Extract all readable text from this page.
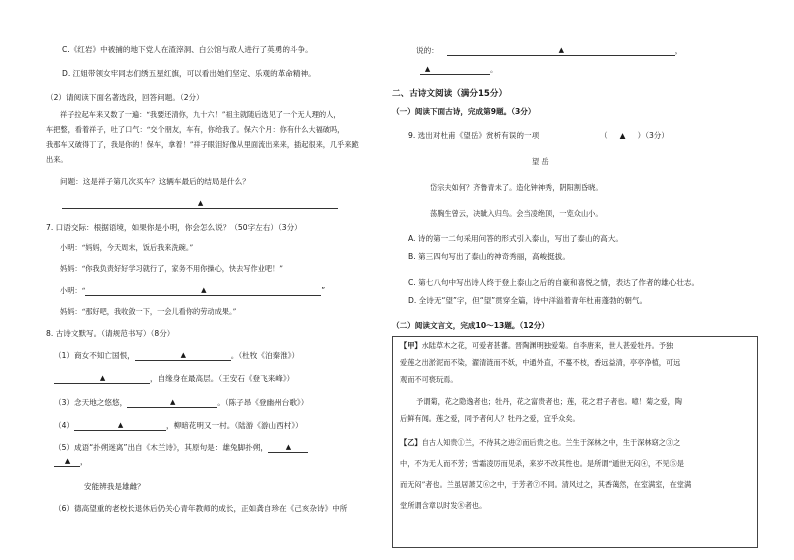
C.《红岩》中被捕的地下党人在渣滓洞、白公馆与敌人进行了英勇的斗争。
D. 江姐带领女牢同志们绣五星红旗，可以看出她们坚定、乐观的革命精神。
（2）请阅读下面名著选段，回答问题。（2分）
祥子拉起车来又数了一遍：“我要还清你，九十六！”祖主就随后选见了一个无人理的人，
车把整，看着祥子，吐了口气：“交个朋友，车有，你给我了。保六个月：你有什么大福破吗，
我那车又破得丁了，我是你的！保车，拿着！”祥子眼泪好像从里面流出来来，插起很来，几乎来跪
出来。
问题：这是祥子第几次买车？这辆车最后的结局是什么？
▲
7. 口语交际：根据语境，如果你是小明，你会怎么说？（50字左右）（3分）
小明：“妈妈，今天周末，饭后我来洗碗。”
妈妈：“你我负责好好学习就行了，家务不用你操心，快去写作业吧！”
小明：“	▲	”
妈妈：“那好吧，我收敛一下，一会儿看你的劳动成果。”
8. 古诗文默写。（请规范书写）（8分）
（1）商女不知亡国恨，	▲	。（杜牧《泊秦淮》）
▲	，自缘身在最高层。（王安石《登飞来峰》）
（3）念天地之悠悠，	▲	。（陈子昂《登幽州台歌》）
（4）	▲	，柳暗花明又一村。（陆游《游山西村》）
（5）成语“扑朔迷离”出自《木兰诗》，其原句是：雄兔脚扑朔，	▲
▲ ，
安能辨我是雄雌？
（6）德高望重的老校长退休后仍关心青年教师的成长，正如龚自珍在《己亥杂诗》中所
说的：	▲	，
▲	。
二、古诗文阅读（满分15分）
（一）阅读下面古诗，完成第9题。（3分）
9. 选出对杜甫《望岳》赏析有误的一项	（ ▲ ）（3分）
望 岳
岱宗夫如何？齐鲁青未了。造化钟神秀，阴阳割昏晓。
荡胸生曾云，决眦入归鸟。会当凌绝顶，一览众山小。
A. 诗的第一二句采用问答的形式引入泰山，写出了泰山的高大。
B. 第三四句写出了泰山的神奇秀丽，高峻挺拔。
C. 第七八句中写出诗人终于登上泰山之后的自豪和喜悦之情，表达了作者的雄心壮志。
D. 全诗无“望”字，但“望”贯穿全篇，诗中洋溢着青年杜甫蓬勃的朝气。
（二）阅读文言文，完成10～13题。（12分）
【甲】水陆草木之花，可爱者甚蕃。晋陶渊明独爱菊。自李唐来，世人甚爱牡丹。予独
爱莲之出淤泥而不染，濯清涟而不妖，中通外直，不蔓不枝，香远益清，亭亭净植，可远
观而不可亵玩焉。
予谓菊，花之隐逸者也；牡丹，花之富贵者也；莲，花之君子者也。噫！菊之爱，陶
后鲜有闻。莲之爱，同予者何人？牡丹之爱，宜乎众矣。
【乙】自古人知贵①兰，不待其之进②而后贵之也。兰生于深林之中，生于深林窈之③之
中，不为无人而不芳；雪霜凌厉而见杀，来岁不改其性也。是所谓“遁世无闷④，不见⑤是
而无闷”者也。兰虽居萧艾⑥之中，于芳者⑦不同。清风过之，其香蔼然，在室满室，在堂满
堂所谓含章以时发⑧者也。
